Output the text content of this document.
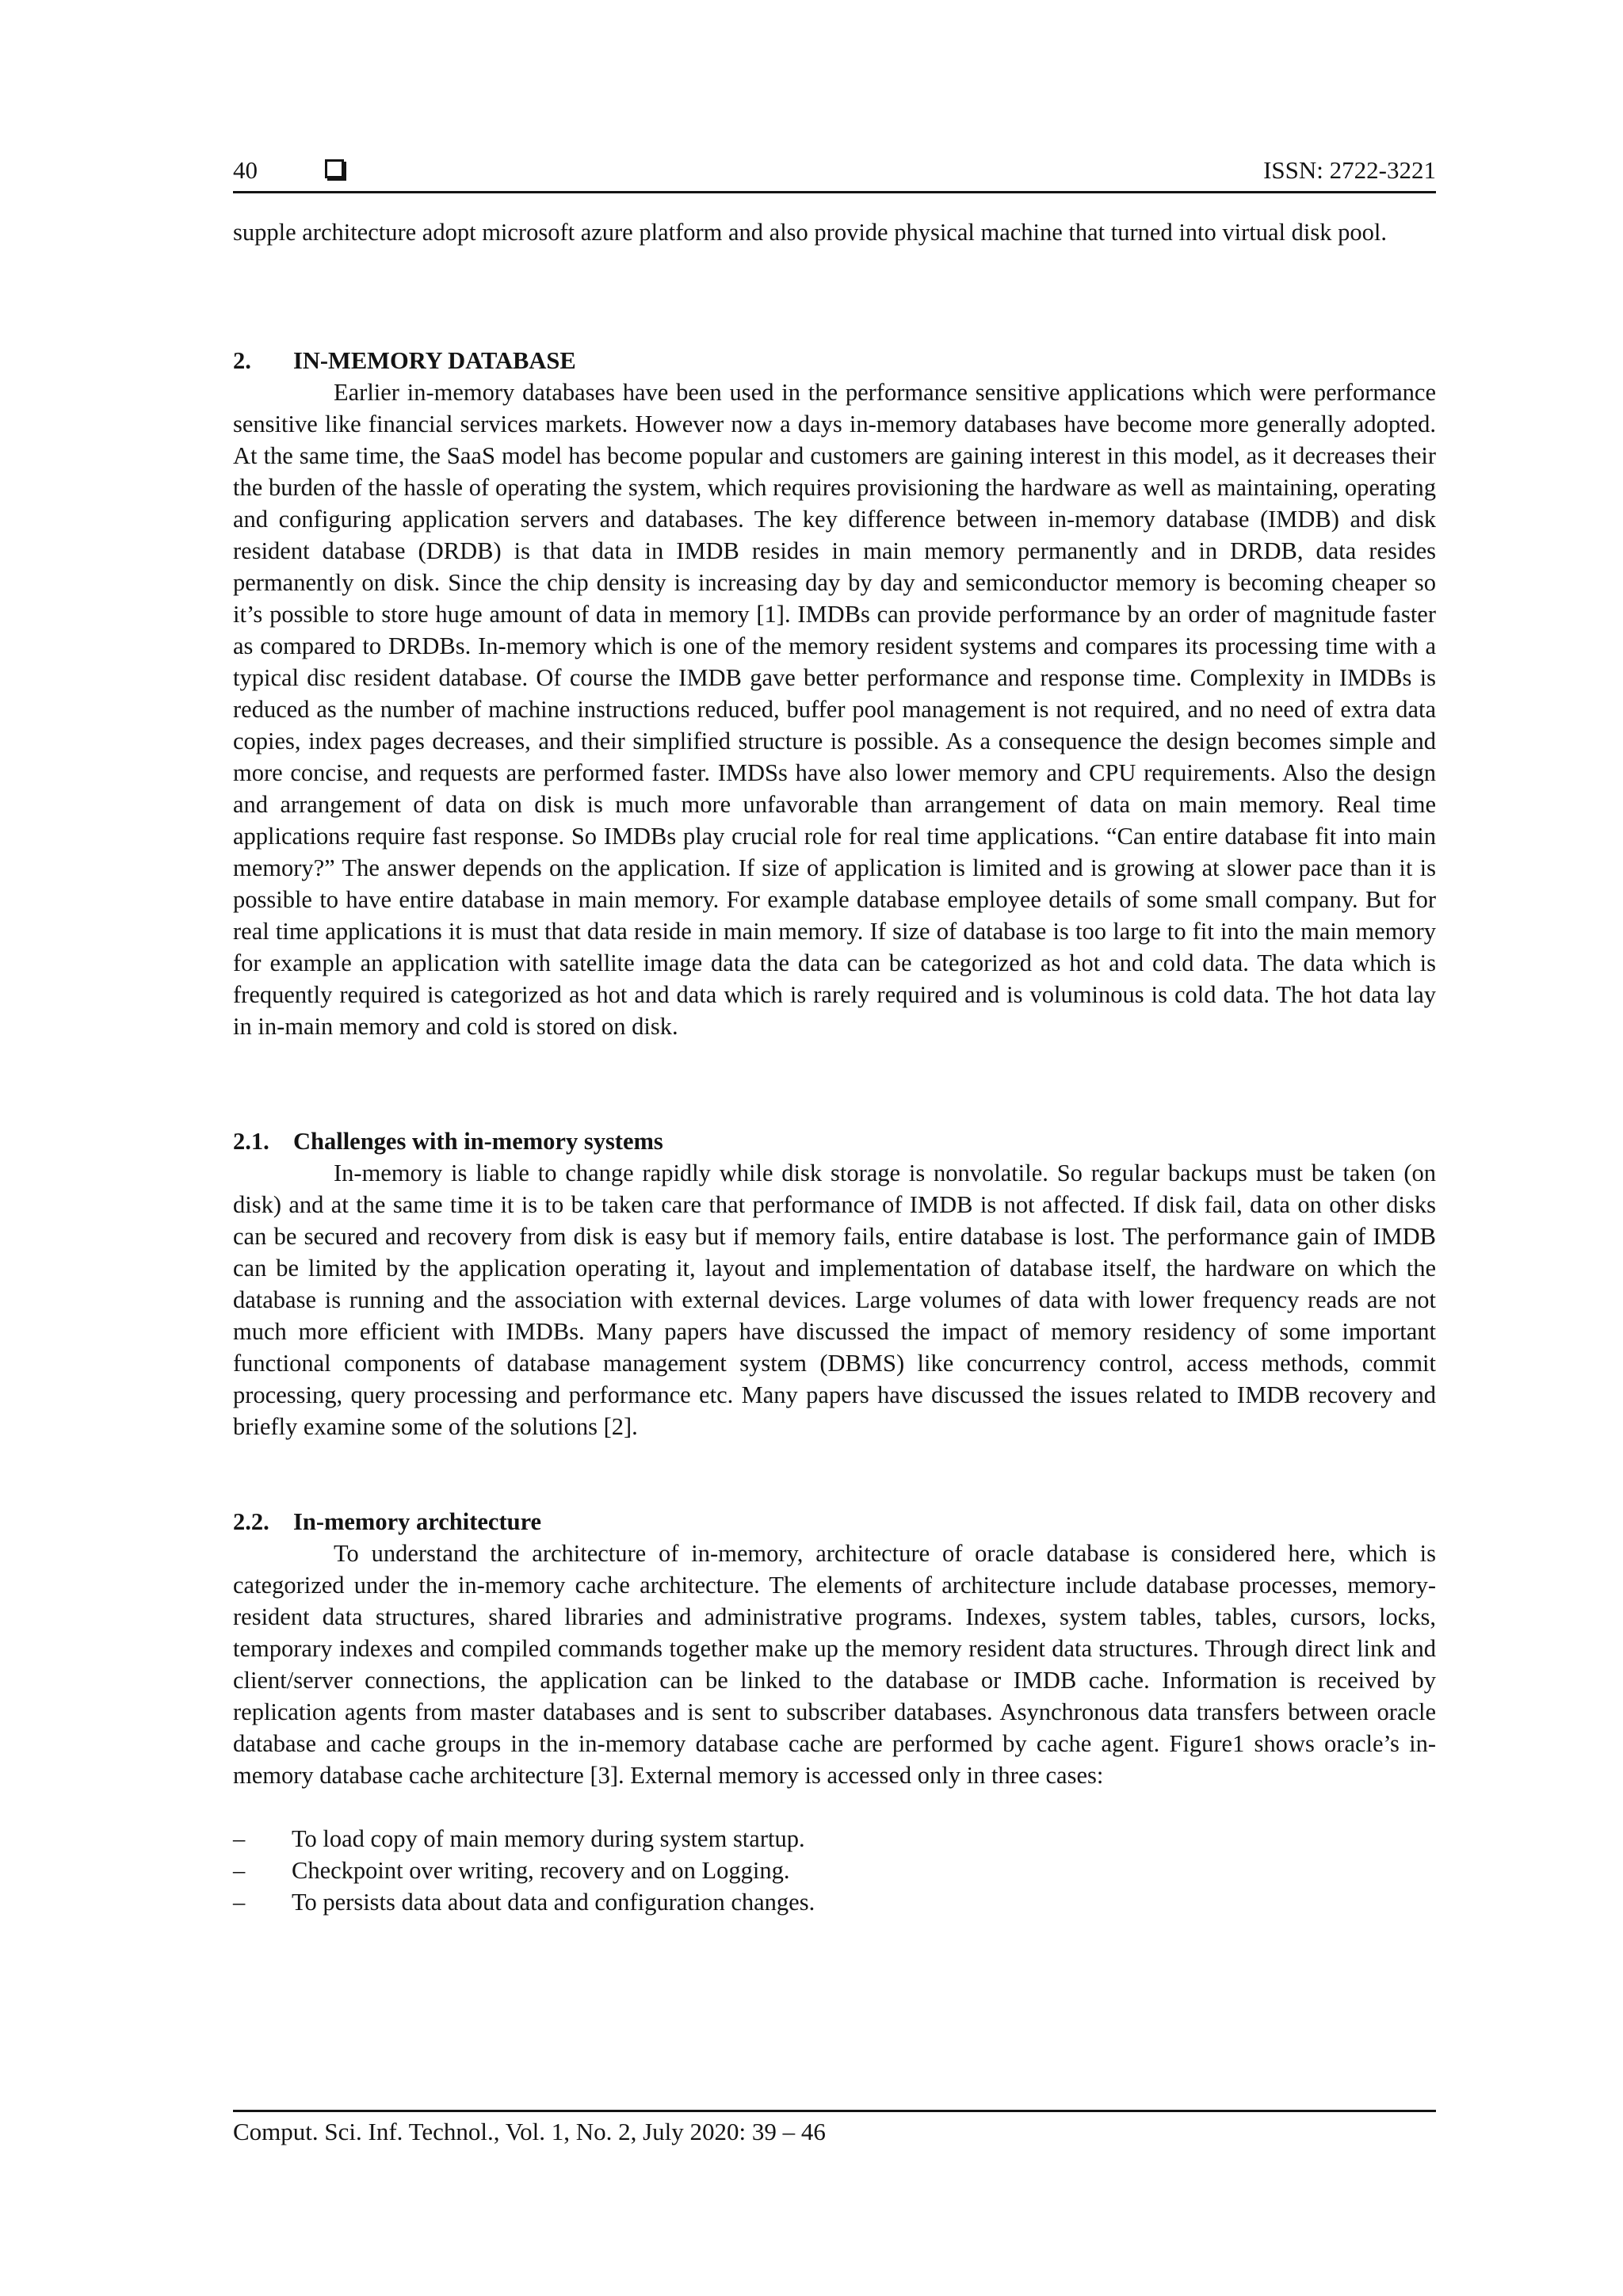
40	ISSN: 2722-3221

supple architecture adopt microsoft azure platform and also provide physical machine that turned into virtual disk pool.

2. IN-MEMORY DATABASE

Earlier in-memory databases have been used in the performance sensitive applications which were performance sensitive like financial services markets. However now a days in-memory databases have become more generally adopted. At the same time, the SaaS model has become popular and customers are gaining interest in this model, as it decreases their the burden of the hassle of operating the system, which requires provisioning the hardware as well as maintaining, operating and configuring application servers and databases. The key difference between in-memory database (IMDB) and disk resident database (DRDB) is that data in IMDB resides in main memory permanently and in DRDB, data resides permanently on disk. Since the chip density is increasing day by day and semiconductor memory is becoming cheaper so it’s possible to store huge amount of data in memory [1]. IMDBs can provide performance by an order of magnitude faster as compared to DRDBs. In-memory which is one of the memory resident systems and compares its processing time with a typical disc resident database. Of course the IMDB gave better performance and response time. Complexity in IMDBs is reduced as the number of machine instructions reduced, buffer pool management is not required, and no need of extra data copies, index pages decreases, and their simplified structure is possible. As a consequence the design becomes simple and more concise, and requests are performed faster. IMDSs have also lower memory and CPU requirements. Also the design and arrangement of data on disk is much more unfavorable than arrangement of data on main memory. Real time applications require fast response. So IMDBs play crucial role for real time applications. “Can entire database fit into main memory?” The answer depends on the application. If size of application is limited and is growing at slower pace than it is possible to have entire database in main memory. For example database employee details of some small company. But for real time applications it is must that data reside in main memory. If size of database is too large to fit into the main memory for example an application with satellite image data the data can be categorized as hot and cold data. The data which is frequently required is categorized as hot and data which is rarely required and is voluminous is cold data. The hot data lay in in-main memory and cold is stored on disk.

2.1. Challenges with in-memory systems

In-memory is liable to change rapidly while disk storage is nonvolatile. So regular backups must be taken (on disk) and at the same time it is to be taken care that performance of IMDB is not affected. If disk fail, data on other disks can be secured and recovery from disk is easy but if memory fails, entire database is lost. The performance gain of IMDB can be limited by the application operating it, layout and implementation of database itself, the hardware on which the database is running and the association with external devices. Large volumes of data with lower frequency reads are not much more efficient with IMDBs. Many papers have discussed the impact of memory residency of some important functional components of database management system (DBMS) like concurrency control, access methods, commit processing, query processing and performance etc. Many papers have discussed the issues related to IMDB recovery and briefly examine some of the solutions [2].

2.2. In-memory architecture

To understand the architecture of in-memory, architecture of oracle database is considered here, which is categorized under the in-memory cache architecture. The elements of architecture include database processes, memory-resident data structures, shared libraries and administrative programs. Indexes, system tables, tables, cursors, locks, temporary indexes and compiled commands together make up the memory resident data structures. Through direct link and client/server connections, the application can be linked to the database or IMDB cache. Information is received by replication agents from master databases and is sent to subscriber databases. Asynchronous data transfers between oracle database and cache groups in the in-memory database cache are performed by cache agent. Figure1 shows oracle’s in-memory database cache architecture [3]. External memory is accessed only in three cases:

– To load copy of main memory during system startup.
– Checkpoint over writing, recovery and on Logging.
– To persists data about data and configuration changes.
Comput. Sci. Inf. Technol., Vol. 1, No. 2, July 2020: 39 – 46
